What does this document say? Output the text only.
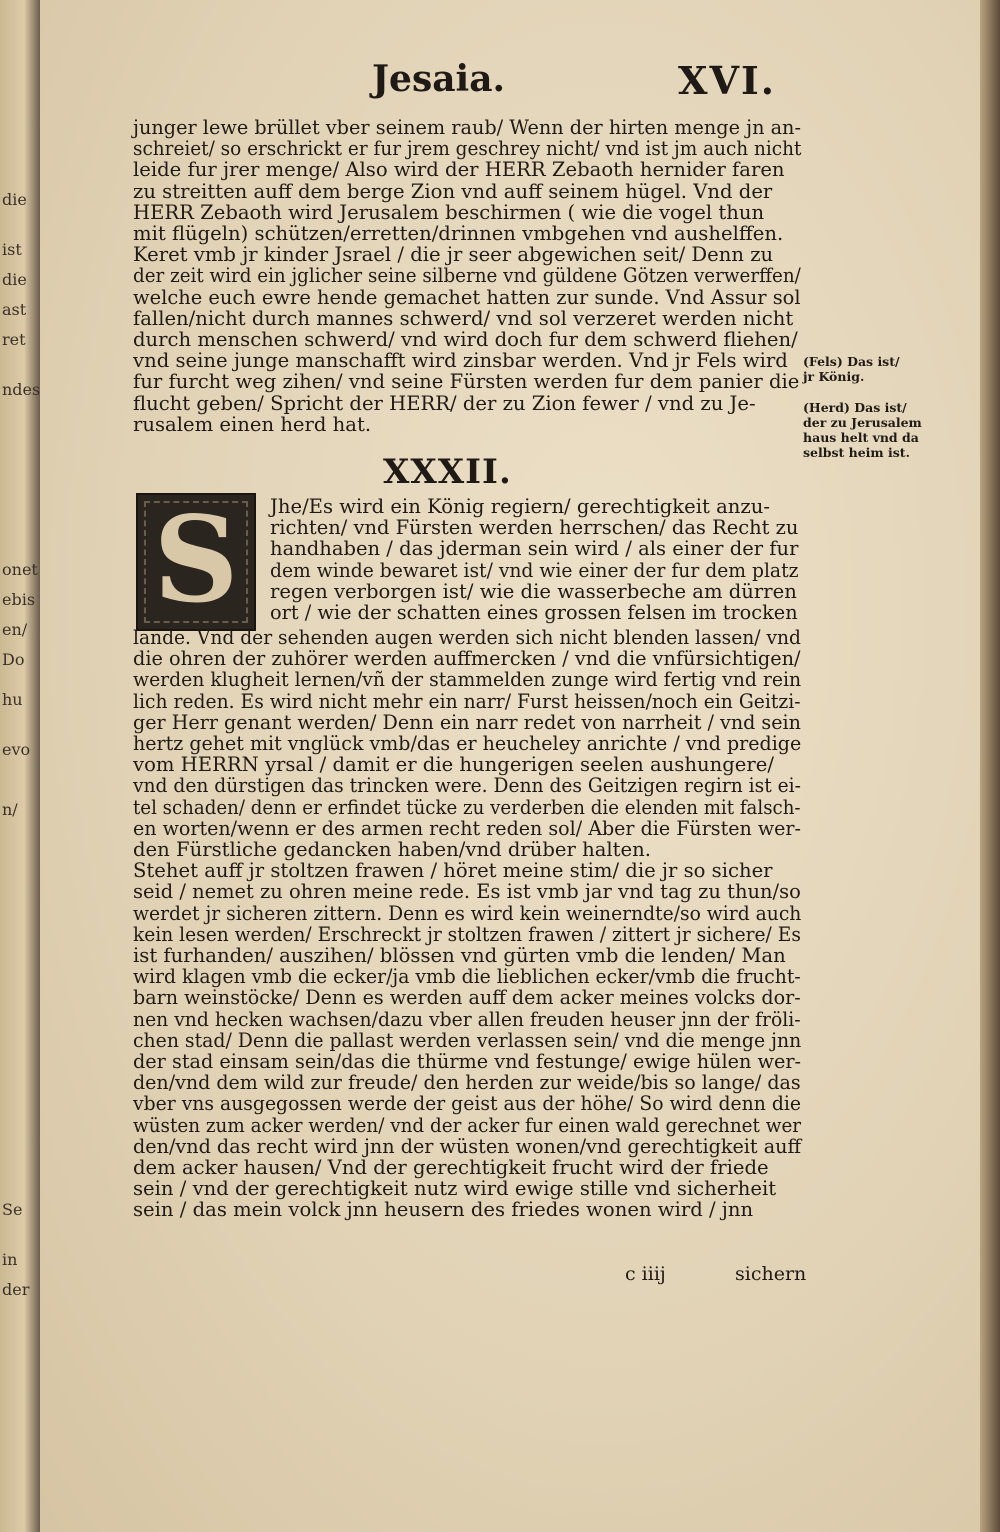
die
ist
die
ast
ret
ndes
onet
ebis
en/
Do
hu
evo
n/
Se
in
der
Jesaia.	XVI.
junger lewe brüllet vber seinem raub/ Wenn der hirten menge jn an-
schreiet/ so erschrickt er fur jrem geschrey nicht/ vnd ist jm auch nicht
leide fur jrer menge/ Also wird der HERR Zebaoth hernider faren
zu streitten auff dem berge Zion vnd auff seinem hügel. Vnd der
HERR Zebaoth wird Jerusalem beschirmen ( wie die vogel thun
mit flügeln) schützen/erretten/drinnen vmbgehen vnd aushelffen.
Keret vmb jr kinder Jsrael / die jr seer abgewichen seit/ Denn zu
der zeit wird ein jglicher seine silberne vnd güldene Götzen verwerffen/
welche euch ewre hende gemachet hatten zur sunde. Vnd Assur sol
fallen/nicht durch mannes schwerd/ vnd sol verzeret werden nicht
durch menschen schwerd/ vnd wird doch fur dem schwerd fliehen/
vnd seine junge manschafft wird zinsbar werden. Vnd jr Fels wird
fur furcht weg zihen/ vnd seine Fürsten werden fur dem panier die
flucht geben/ Spricht der HERR/ der zu Zion fewer / vnd zu Je-
rusalem einen herd hat.
XXXII.
S	Jhe/Es wird ein König regiern/ gerechtigkeit anzu-
richten/ vnd Fürsten werden herrschen/ das Recht zu
handhaben / das jderman sein wird / als einer der fur
dem winde bewaret ist/ vnd wie einer der fur dem platz
regen verborgen ist/ wie die wasserbeche am dürren
ort / wie der schatten eines grossen felsen im trocken
lande. Vnd der sehenden augen werden sich nicht blenden lassen/ vnd
die ohren der zuhörer werden auffmercken / vnd die vnfürsichtigen/
werden klugheit lernen/vñ der stammelden zunge wird fertig vnd rein
lich reden. Es wird nicht mehr ein narr/ Furst heissen/noch ein Geitzi-
ger Herr genant werden/ Denn ein narr redet von narrheit / vnd sein
hertz gehet mit vnglück vmb/das er heucheley anrichte / vnd predige
vom HERRN yrsal / damit er die hungerigen seelen aushungere/
vnd den dürstigen das trincken were. Denn des Geitzigen regirn ist ei-
tel schaden/ denn er erfindet tücke zu verderben die elenden mit falsch-
en worten/wenn er des armen recht reden sol/ Aber die Fürsten wer-
den Fürstliche gedancken haben/vnd drüber halten.
Stehet auff jr stoltzen frawen / höret meine stim/ die jr so sicher
seid / nemet zu ohren meine rede. Es ist vmb jar vnd tag zu thun/so
werdet jr sicheren zittern. Denn es wird kein weinerndte/so wird auch
kein lesen werden/ Erschreckt jr stoltzen frawen / zittert jr sichere/ Es
ist furhanden/ auszihen/ blössen vnd gürten vmb die lenden/ Man
wird klagen vmb die ecker/ja vmb die lieblichen ecker/vmb die frucht-
barn weinstöcke/ Denn es werden auff dem acker meines volcks dor-
nen vnd hecken wachsen/dazu vber allen freuden heuser jnn der fröli-
chen stad/ Denn die pallast werden verlassen sein/ vnd die menge jnn
der stad einsam sein/das die thürme vnd festunge/ ewige hülen wer-
den/vnd dem wild zur freude/ den herden zur weide/bis so lange/ das
vber vns ausgegossen werde der geist aus der höhe/ So wird denn die
wüsten zum acker werden/ vnd der acker fur einen wald gerechnet wer
den/vnd das recht wird jnn der wüsten wonen/vnd gerechtigkeit auff
dem acker hausen/ Vnd der gerechtigkeit frucht wird der friede
sein / vnd der gerechtigkeit nutz wird ewige stille vnd sicherheit
sein / das mein volck jnn heusern des friedes wonen wird / jnn
(Fels) Das ist/
jr König.
(Herd) Das ist/
der zu Jerusalem
haus helt vnd da
selbst heim ist.
c iiij	sichern
